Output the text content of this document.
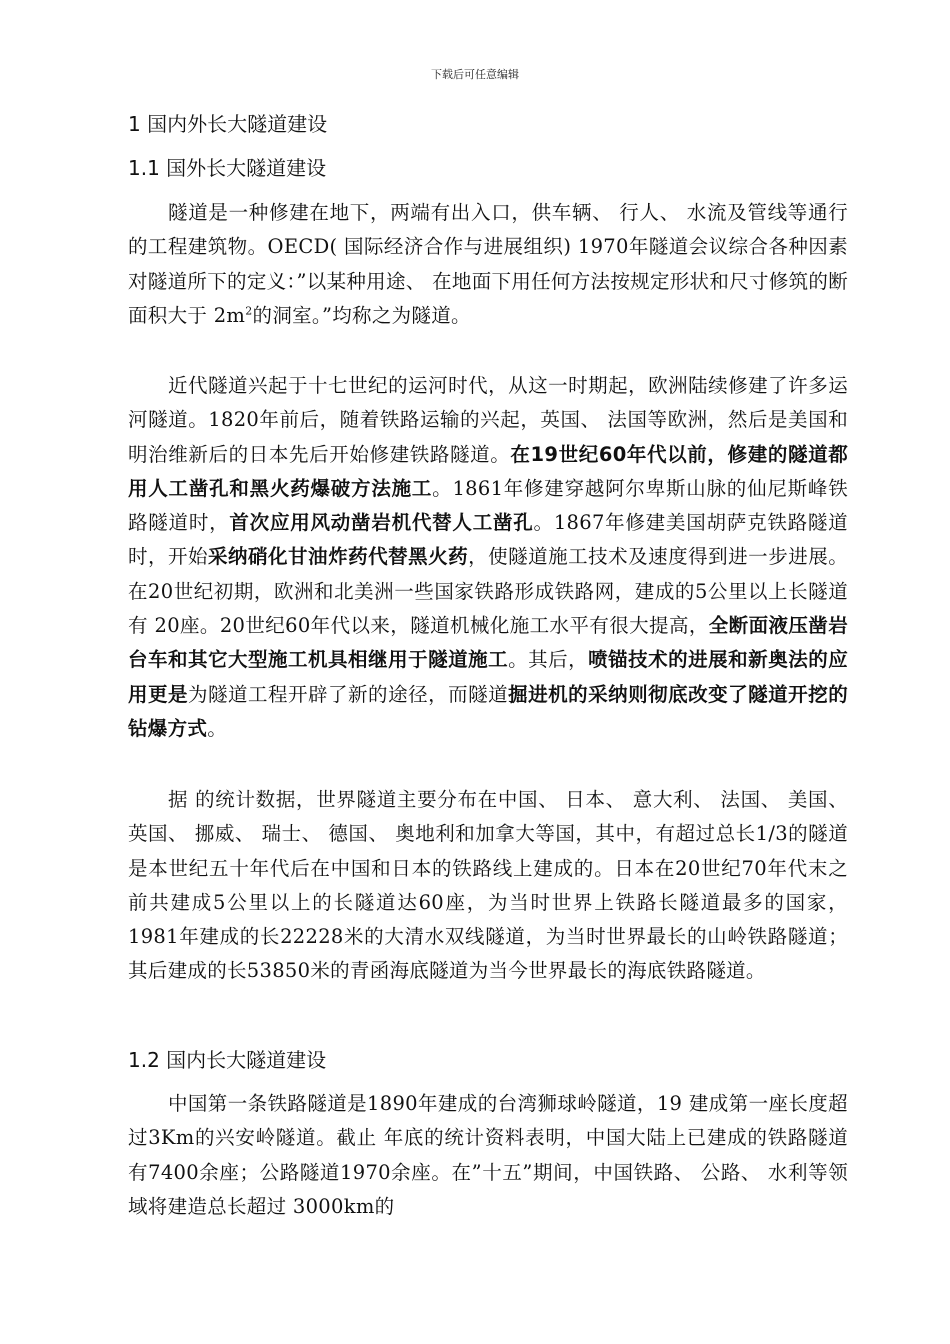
下载后可任意编辑
1 国内外长大隧道建设
1.1 国外长大隧道建设

隧道是一种修建在地下，两端有出入口，供车辆、 行人、 水流及管线等通行的工程建筑物。OECD( 国际经济合作与进展组织) 1970年隧道会议综合各种因素对隧道所下的定义：”以某种用途、 在地面下用任何方法按规定形状和尺寸修筑的断面积大于 $2m^2$的洞室。”均称之为隧道。

近代隧道兴起于十七世纪的运河时代，从这一时期起，欧洲陆续修建了许多运河隧道。1820年前后，随着铁路运输的兴起，英国、 法国等欧洲，然后是美国和明治维新后的日本先后开始修建铁路隧道。在19世纪60年代以前，修建的隧道都用人工凿孔和黑火药爆破方法施工。1861年修建穿越阿尔卑斯山脉的仙尼斯峰铁路隧道时，首次应用风动凿岩机代替人工凿孔。1867年修建美国胡萨克铁路隧道时，开始采纳硝化甘油炸药代替黑火药，使隧道施工技术及速度得到进一步进展。在20世纪初期，欧洲和北美洲一些国家铁路形成铁路网，建成的5公里以上长隧道有 20座。20世纪60年代以来，隧道机械化施工水平有很大提高，全断面液压凿岩台车和其它大型施工机具相继用于隧道施工。其后，喷锚技术的进展和新奥法的应用更是为隧道工程开辟了新的途径，而隧道掘进机的采纳则彻底改变了隧道开挖的钻爆方式。

据 的统计数据，世界隧道主要分布在中国、 日本、 意大利、 法国、 美国、 英国、 挪威、 瑞士、 德国、 奥地利和加拿大等国，其中，有超过总长1/3的隧道是本世纪五十年代后在中国和日本的铁路线上建成的。日本在20世纪70年代末之前共建成5公里以上的长隧道达60座，为当时世界上铁路长隧道最多的国家，1981年建成的长22228米的大清水双线隧道，为当时世界最长的山岭铁路隧道；其后建成的长53850米的青函海底隧道为当今世界最长的海底铁路隧道。

1.2 国内长大隧道建设

中国第一条铁路隧道是1890年建成的台湾狮球岭隧道，19 建成第一座长度超过3Km的兴安岭隧道。截止 年底的统计资料表明，中国大陆上已建成的铁路隧道有7400余座；公路隧道1970余座。在”十五”期间，中国铁路、 公路、 水利等领域将建造总长超过 3000km的
